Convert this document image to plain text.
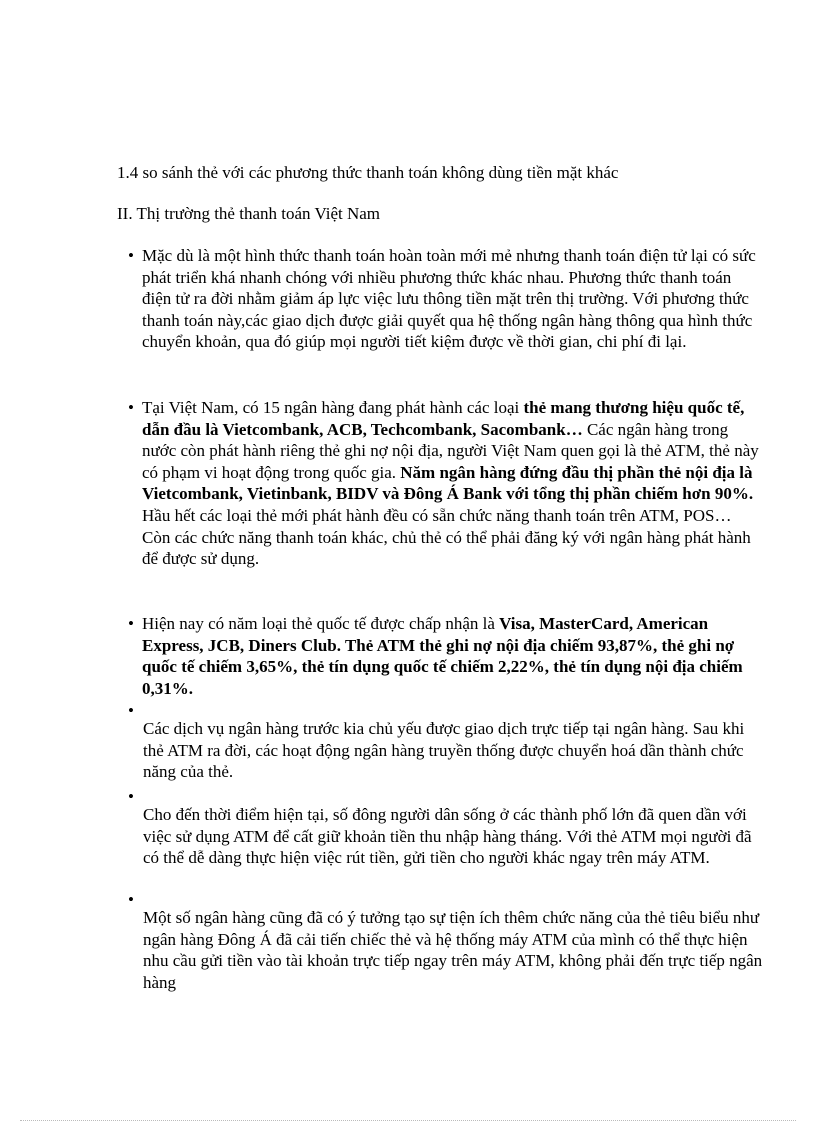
1.4 so sánh thẻ với các phương thức thanh toán không dùng tiền mặt khác
II. Thị trường thẻ thanh toán Việt Nam
•
Mặc dù là một hình thức thanh toán hoàn toàn mới mẻ nhưng thanh toán điện tử lại có sức phát triển khá nhanh chóng với nhiều phương thức khác nhau. Phương thức thanh toán điện tử ra đời nhằm giảm áp lực việc lưu thông tiền mặt trên thị trường. Với phương thức thanh toán này,các giao dịch được giải quyết qua hệ thống ngân hàng thông qua hình thức chuyển khoản, qua đó giúp mọi người tiết kiệm được về thời gian, chi phí đi lại.
•
Tại Việt Nam, có 15 ngân hàng đang phát hành các loại thẻ mang thương hiệu quốc tế, dẫn đầu là Vietcombank, ACB, Techcombank, Sacombank… Các ngân hàng trong nước còn phát hành riêng thẻ ghi nợ nội địa, người Việt Nam quen gọi là thẻ ATM, thẻ này có phạm vi hoạt động trong quốc gia. Năm ngân hàng đứng đầu thị phần thẻ nội địa là Vietcombank, Vietinbank, BIDV và Đông Á Bank với tổng thị phần chiếm hơn 90%. Hầu hết các loại thẻ mới phát hành đều có sẵn chức năng thanh toán trên ATM, POS… Còn các chức năng thanh toán khác, chủ thẻ có thể phải đăng ký với ngân hàng phát hành để được sử dụng.
•
Hiện nay có năm loại thẻ quốc tế được chấp nhận là Visa, MasterCard, American Express, JCB, Diners Club. Thẻ ATM thẻ ghi nợ nội địa chiếm 93,87%, thẻ ghi nợ quốc tế chiếm 3,65%, thẻ tín dụng quốc tế chiếm 2,22%, thẻ tín dụng nội địa chiếm 0,31%.
•
Các dịch vụ ngân hàng trước kia chủ yếu được giao dịch trực tiếp tại ngân hàng. Sau khi thẻ ATM ra đời, các hoạt động ngân hàng truyền thống được chuyển hoá dần thành chức năng của thẻ.
•
Cho đến thời điểm hiện tại, số đông người dân sống ở các thành phố lớn đã quen dần với việc sử dụng ATM để cất giữ khoản tiền thu nhập hàng tháng. Với thẻ ATM mọi người đã có thể dễ dàng thực hiện việc rút tiền, gửi tiền cho người khác ngay trên máy ATM.
•
Một số ngân hàng cũng đã có ý tưởng tạo sự tiện ích thêm chức năng của thẻ tiêu biểu như ngân hàng Đông Á đã cải tiến chiếc thẻ và hệ thống máy ATM của mình có thể thực hiện nhu cầu gửi tiền vào tài khoản trực tiếp ngay trên máy ATM, không phải đến trực tiếp ngân hàng
